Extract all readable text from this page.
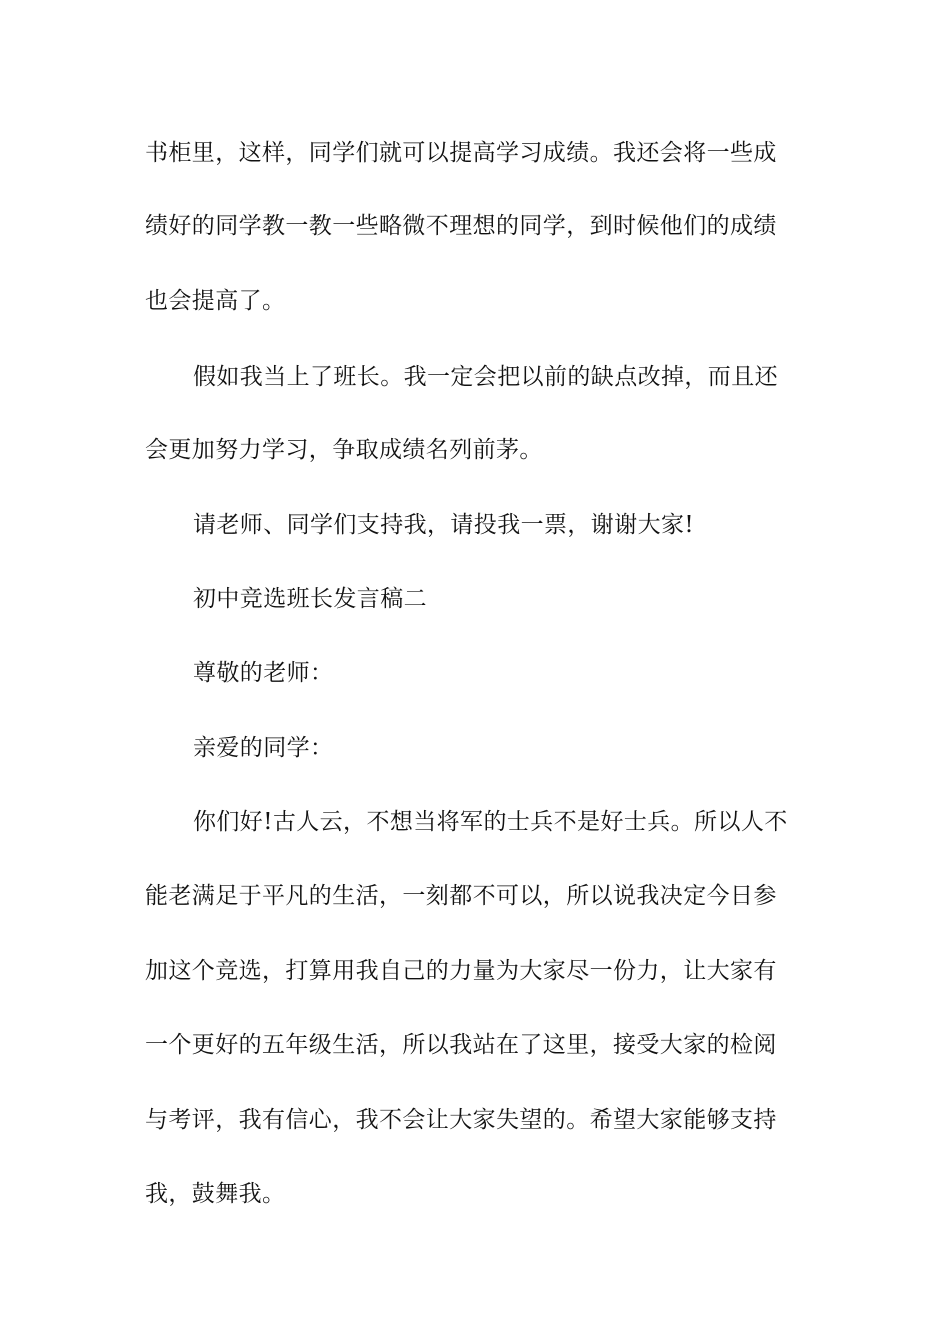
书柜里，这样，同学们就可以提高学习成绩。我还会将一些成
绩好的同学教一教一些略微不理想的同学，到时候他们的成绩
也会提高了。
假如我当上了班长。我一定会把以前的缺点改掉，而且还
会更加努力学习，争取成绩名列前茅。
请老师、同学们支持我，请投我一票，谢谢大家!
初中竞选班长发言稿二
尊敬的老师：
亲爱的同学：
你们好!古人云，不想当将军的士兵不是好士兵。所以人不
能老满足于平凡的生活，一刻都不可以，所以说我决定今日参
加这个竞选，打算用我自己的力量为大家尽一份力，让大家有
一个更好的五年级生活，所以我站在了这里，接受大家的检阅
与考评，我有信心，我不会让大家失望的。希望大家能够支持
我，鼓舞我。
